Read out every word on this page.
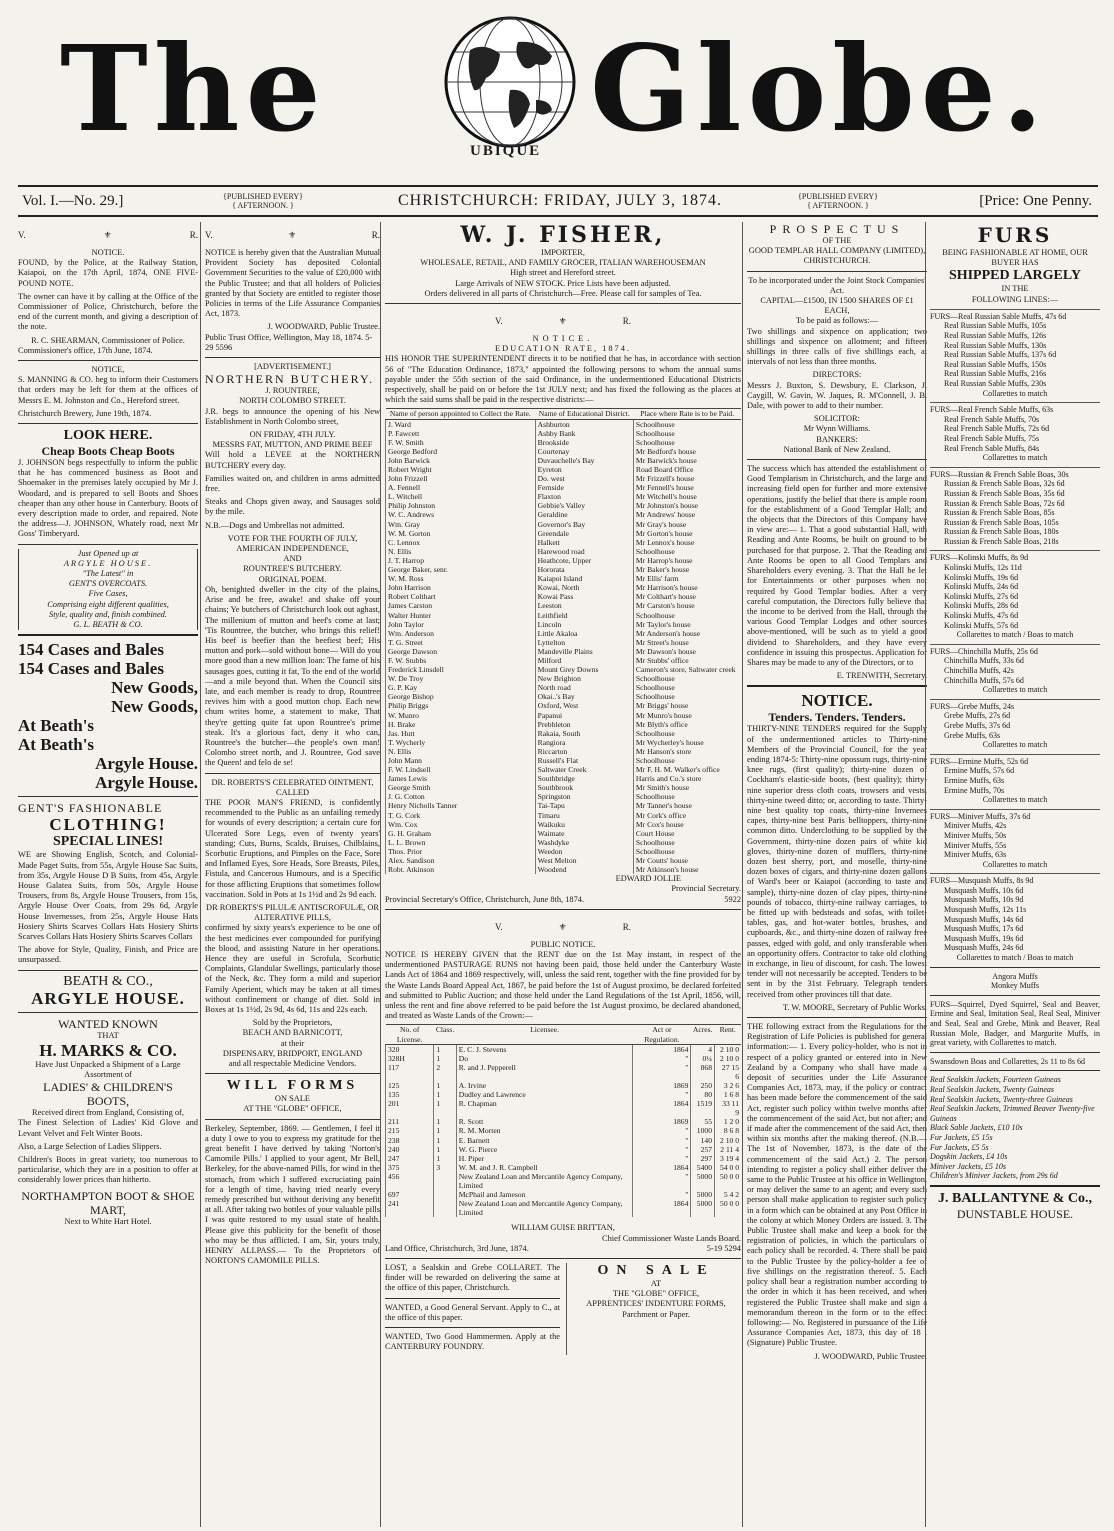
The	UBIQUE Globe.
Vol. I.—No. 29.]	{PUBLISHED EVERY} { AFTERNOON. }	CHRISTCHURCH: FRIDAY, JULY 3, 1874.	{PUBLISHED EVERY} { AFTERNOON. }	[Price: One Penny.
V.	⚜	R.
NOTICE.

FOUND, by the Police, at the Railway Station, Kaiapoi, on the 17th April, 1874, ONE FIVE-POUND NOTE.

The owner can have it by calling at the Office of the Commissioner of Police, Christchurch, before the end of the current month, and giving a description of the note.

R. C. SHEARMAN, Commissioner of Police.
Commissioner's office, 17th June, 1874.
NOTICE,

S. MANNING & CO. beg to inform their Customers that orders may be left for them at the offices of Messrs E. M. Johnston and Co., Hereford street.

Christchurch Brewery, June 19th, 1874.
LOOK HERE.
Cheap Boots Cheap Boots

J. JOHNSON begs respectfully to inform the public that he has commenced business as Boot and Shoemaker in the premises lately occupied by Mr J. Woodard, and is prepared to sell Boots and Shoes cheaper than any other house in Canterbury. Boots of every description made to order, and repaired. Note the address—J. JOHNSON, Whately road, next Mr Goss' Timberyard.

Just Opened up at
ARGYLE HOUSE.
"The Latest" in
GENT'S OVERCOATS.
Five Cases,
Comprising eight different qualities,
Style, quality and, finish combined.
G. L. BEATH & CO.
154 Cases and Bales
154 Cases and Bales
New Goods,
New Goods,
At Beath's
At Beath's
Argyle House.
Argyle House.
GENT'S FASHIONABLE
CLOTHING!
SPECIAL LINES!

WE are Showing English, Scotch, and Colonial-Made Paget Suits, from 55s, Argyle House Sac Suits, from 35s, Argyle House D B Suits, from 45s, Argyle House Galatea Suits, from 50s, Argyle House Trousers, from 8s, Argyle House Trousers, from 15s, Argyle House Over Coats, from 29s 6d, Argyle House Invernesses, from 25s, Argyle House Hats Hosiery Shirts Scarves Collars Hats Hosiery Shirts Scarves Collars Hats Hosiery Shirts Scarves Collars

The above for Style, Quality, Finish, and Price are unsurpassed.

BEATH & CO.,
ARGYLE HOUSE.
WANTED KNOWN
THAT
H. MARKS & CO.
Have Just Unpacked a Shipment of a Large Assortment of
LADIES' & CHILDREN'S
BOOTS,
Received direct from England, Consisting of,

The Finest Selection of Ladies' Kid Glove and Levant Velvet and Felt Winter Boots.

Also, a Large Selection of Ladies Slippers.

Children's Boots in great variety, too numerous to particularise, which they are in a position to offer at considerably lower prices than hitherto.

NORTHAMPTON BOOT & SHOE MART,
Next to White Hart Hotel.
V.	⚜	R.

NOTICE is hereby given that the Australian Mutual Provident Society has deposited Colonial Government Securities to the value of £20,000 with the Public Trustee; and that all holders of Policies granted by that Society are entitled to register those Policies in terms of the Life Assurance Companies Act, 1873.

J. WOODWARD, Public Trustee.
Public Trust Office, Wellington, May 18, 1874. 5-29 5596
[ADVERTISEMENT.]
NORTHERN BUTCHERY.
J. ROUNTREE,
NORTH COLOMBO STREET.

J.R. begs to announce the opening of his New Establishment in North Colombo street,

ON FRIDAY, 4TH JULY.
MESSRS FAT, MUTTON, AND PRIME BEEF

Will hold a LEVEE at the NORTHERN BUTCHERY every day.

Families waited on, and children in arms admitted free.

Steaks and Chops given away, and Sausages sold by the mile.

N.B.—Dogs and Umbrellas not admitted.

VOTE FOR THE FOURTH OF JULY, AMERICAN INDEPENDENCE,
AND
ROUNTREE'S BUTCHERY.
ORIGINAL POEM.

Oh, benighted dweller in the city of the plains, Arise and be free, awake! and shake off your chains; Ye butchers of Christchurch look out aghast, The millenium of mutton and beef's come at last; 'Tis Rountree, the butcher, who brings this relief! His beef is beefier than the beefiest beef; His mutton and pork—sold without bone— Will do you more good than a new million loan: The fame of his sausages goes, cutting it fat, To the end of the world—and a mile beyond that. When the Council sits late, and each member is ready to drop, Rountree revives him with a good mutton chop. Each new chum writes home, a statement to make, That they're getting quite fat upon Rountree's prime steak. It's a glorious fact, deny it who can, Rountree's the butcher—the people's own man! Colombo street north, and J. Rountree, God save the Queen! and felo de se!

DR. ROBERTS'S CELEBRATED OINTMENT,
CALLED

THE POOR MAN'S FRIEND, is confidently recommended to the Public as an unfailing remedy for wounds of every description; a certain cure for Ulcerated Sore Legs, even of twenty years' standing; Cuts, Burns, Scalds, Bruises, Chilblains, Scorbutic Eruptions, and Pimples on the Face, Sore and Inflamed Eyes, Sore Heads, Sore Breasts, Piles, Fistula, and Cancerous Humours, and is a Specific for those afflicting Eruptions that sometimes follow vaccination. Sold in Pots at 1s 1½d and 2s 9d each.

DR ROBERTS'S PILULÆ ANTISCROFULÆ, OR ALTERATIVE PILLS,

confirmed by sixty years's experience to be one of the best medicines ever compounded for purifying the blood, and assisting Nature in her operations. Hence they are useful in Scrofula, Scorbutic Complaints, Glandular Swellings, particularly those of the Neck, &c. They form a mild and superior Family Aperient, which may be taken at all times without confinement or change of diet. Sold in Boxes at 1s 1½d, 2s 9d, 4s 6d, 11s and 22s each.

Sold by the Proprietors,
BEACH AND BARNICOTT,
at their
DISPENSARY, BRIDPORT, ENGLAND
and all respectable Medicine Vendors.
WILL FORMS
ON SALE
AT THE "GLOBE" OFFICE,

Berkeley, September, 1869. — Gentlemen, I feel it a duty I owe to you to express my gratitude for the great benefit I have derived by taking 'Norton's Camomile Pills.' I applied to your agent, Mr Bell, Berkeley, for the above-named Pills, for wind in the stomach, from which I suffered excruciating pain for a length of time, having tried nearly every remedy prescribed but without deriving any benefit at all. After taking two bottles of your valuable pills I was quite restored to my usual state of health. Please give this publicity for the benefit of those who may be thus afflicted. I am, Sir, yours truly, HENRY ALLPASS.— To the Proprietors of NORTON'S CAMOMILE PILLS.

W. J. FISHER,
IMPORTER,
WHOLESALE, RETAIL, AND FAMILY GROCER, ITALIAN WAREHOUSEMAN
High street and Hereford street.
Large Arrivals of NEW STOCK. Price Lists have been adjusted.
Orders delivered in all parts of Christchurch—Free. Please call for samples of Tea.
V.	⚜	R.
NOTICE.
EDUCATION RATE, 1874.

HIS HONOR THE SUPERINTENDENT directs it to be notified that he has, in accordance with section 56 of "The Education Ordinance, 1873," appointed the following persons to whom the annual sums payable under the 55th section of the said Ordinance, in the undermentioned Educational Districts respectively, shall be paid on or before the 1st JULY next; and has fixed the following as the places at which the said sums shall be paid in the respective districts:—

Name of person appointed to Collect the Rate.	Name of Educational District.	Place where Rate is to be Paid.
J. Ward	Ashburton	Schoolhouse
P. Fawcett	Ashby Bank	Schoolhouse
F. W. Smith	Brookside	Schoolhouse
George Bedford	Courtenay	Mr Bedford's house
John Barwick	Duvauchelle's Bay	Mr Barwick's house
Robert Wright	Eyreton	Road Board Office
John Frizzell	Do. west	Mr Frizzell's house
A. Fennell	Fernside	Mr Fennell's house
L. Witchell	Flaxton	Mr Witchell's house
Philip Johnston	Gebbie's Valley	Mr Johnston's house
W. C. Andrews	Geraldine	Mr Andrews' house
Wm. Gray	Governor's Bay	Mr Gray's house
W. M. Gorton	Greendale	Mr Gorton's house
C. Lennox	Halkett	Mr Lennox's house
N. Ellis	Harewood road	Schoolhouse
J. T. Harrop	Heathcote, Upper	Mr Harrop's house
George Baker, senr.	Hororata	Mr Baker's house
W. M. Ross	Kaiapoi Island	Mr Ellis' farm
John Harrison	Kowai, North	Mr Harrison's house
Robert Colthart	Kowai Pass	Mr Colthart's house
James Carston	Leeston	Mr Carston's house
Walter Hunter	Leithfield	Schoolhouse
John Taylor	Lincoln	Mr Taylor's house
Wm. Anderson	Little Akaloa	Mr Anderson's house
T. G. Street	Lyttelton	Mr Street's house
George Dawson	Mandeville Plains	Mr Dawson's house
F. W. Stubbs	Milford	Mr Stubbs' office
Frederick Linsdell	Mount Grey Downs	Cameron's store, Saltwater creek
W. De Troy	New Brighton	Schoolhouse
G. P. Kay	North road	Schoolhouse
George Bishop	Okai..'s Bay	Schoolhouse
Philip Briggs	Oxford, West	Mr Briggs' house
W. Munro	Papanui	Mr Munro's house
H. Brake	Prebbleton	Mr Blyth's office
Jas. Hutt	Rakaia, South	Schoolhouse
T. Wycherly	Rangiora	Mr Wycherley's house
N. Ellis	Riccarton	Mr Hanson's store
John Mann	Russell's Flat	Schoolhouse
F. W. Lindsell	Saltwater Creek	Mr F. H. M. Walker's office
James Lewis	Southbridge	Harris and Co.'s store
George Smith	Southbrook	Mr Smith's house
J. G. Cotton	Springston	Schoolhouse
Henry Nicholls Tanner	Tai-Tapu	Mr Tanner's house
T. G. Cork	Timaru	Mr Cork's office
Wm. Cox	Waikuku	Mr Cox's house
G. H. Graham	Waimate	Court House
L. L. Brown	Washdyke	Schoolhouse
Thos. Prior	Weedon	Schoolhouse
Alex. Sandison	West Melton	Mr Coutts' house
Robt. Atkinson	Woodend	Mr Atkinson's house
EDWARD JOLLIE
Provincial Secretary.
Provincial Secretary's Office, Christchurch, June 8th, 1874.	5922
V.	⚜	R.
PUBLIC NOTICE.

NOTICE IS HEREBY GIVEN that the RENT due on the 1st May instant, in respect of the undermentioned PASTURAGE RUNS not having been paid, those held under the Canterbury Waste Lands Act of 1864 and 1869 respectively, will, unless the said rent, together with the fine provided for by the Waste Lands Board Appeal Act, 1867, be paid before the 1st of August proximo, be declared forfeited and submitted to Public Auction; and those held under the Land Regulations of the 1st April, 1856, will, unless the rent and fine above referred to be paid before the 1st August proximo, be declared abandoned, and treated as Waste Lands of the Crown:—

No. of License.	Class.	Licensee.	Act or Regulation.	Acres.	Rent.
320	1	E. C. J. Stevens	1864	4	2 10 0
328H	1	Do	"	0¼	2 10 0
117	2	R. and J. Pepperell	"	868	27 15 6
125	1	A. Irvine	1869	250	3 2 6
135	1	Dudley and Lawrence	"	80	1 6 8
201	1	R. Chapman	1864	1519	33 11 9
211	1	R. Scott	1869	55	1 2 0
215	1	R. M. Morten	"	1000	8 6 8
238	1	E. Barnett	"	140	2 10 0
240	1	W. G. Pierce	"	257	2 11 4
247	1	H. Piper	"	297	3 19 4
375	3	W. M. and J. R. Campbell	1864	5400	54 0 0
456		New Zealand Loan and Mercantile Agency Company, Limited	"	5000	50 0 0
697		McPhail and Jameson	"	5000	5 4 2
241		New Zealand Loan and Mercantile Agency Company, Limited	1864	5000	50 0 0
WILLIAM GUISE BRITTAN,
Chief Commissioner Waste Lands Board.
Land Office, Christchurch, 3rd June, 1874.	5-19 5294

LOST, a Sealskin and Grebe COLLARET. The finder will be rewarded on delivering the same at the office of this paper, Christchurch.

WANTED, a Good General Servant. Apply to C., at the office of this paper.

WANTED, Two Good Hammermen. Apply at the CANTERBURY FOUNDRY.

ON SALE
AT
THE "GLOBE" OFFICE,
APPRENTICES' INDENTURE FORMS,
Parchment or Paper.
PROSPECTUS
OF THE
GOOD TEMPLAR HALL COMPANY (LIMITED), CHRISTCHURCH.
To be incorporated under the Joint Stock Companies' Act.
CAPITAL—£1500, IN 1500 SHARES OF £1 EACH,
To be paid as follows:—

Two shillings and sixpence on application; two shillings and sixpence on allotment; and fifteen shillings in three calls of five shillings each, at intervals of not less than three months.

DIRECTORS:

Messrs J. Buxton, S. Dewsbury, E. Clarkson, J. Caygill, W. Gavin, W. Jaques, R. M'Connell, J. B. Dale, with power to add to their number.

SOLICITOR:
Mr Wynn Williams.
BANKERS:
National Bank of New Zealand.

The success which has attended the establishment of Good Templarism in Christchurch, and the large and increasing field open for further and more extensive operations, justify the belief that there is ample room for the establishment of a Good Templar Hall; and the objects that the Directors of this Company have in view are:— 1. That a good substantial Hall, with Reading and Ante Rooms, be built on ground to be purchased for that purpose. 2. That the Reading and Ante Rooms be open to all Good Templars and Shareholders every evening. 3. That the Hall be let for Entertainments or other purposes when not required by Good Templar bodies. After a very careful computation, the Directors fully believe that the income to be derived from the Hall, through the various Good Templar Lodges and other sources above-mentioned, will be such as to yield a good dividend to Shareholders, and they have every confidence in issuing this prospectus. Application for Shares may be made to any of the Directors, or to

E. TRENWITH, Secretary.
NOTICE.
Tenders. Tenders. Tenders.

THIRTY-NINE TENDERS required for the Supply of the undermentioned articles to Thirty-nine Members of the Provincial Council, for the year ending 1874-5: Thirty-nine opossum rugs, thirty-nine knee rugs, (first quality); thirty-nine dozen of Cockham's elastic-side boots, (best quality); thirty-nine superior dress cloth coats, trowsers and vests, thirty-nine tweed ditto; or, according to taste. Thirty-nine best quality top coats, thirty-nine Invernees capes, thirty-nine best Paris belltoppers, thirty-nine common ditto. Underclothing to be supplied by the Government, thirty-nine dozen pairs of white kid gloves, thirty-nine dozen of mufflers, thirty-nine dozen best sherry, port, and moselle, thirty-nine dozen boxes of cigars, and thirty-nine dozen gallons of Ward's beer or Kaiapoi (according to taste and sample), thirty-nine dozen of clay pipes, thirty-nine pounds of tobacco, thirty-nine railway carriages, to be fitted up with bedsteads and sofas, with toilet-tables, gas, and hot-water bottles, brushes, and cupboards, &c., and thirty-nine dozen of railway free passes, edged with gold, and only transferable when an opportunity offers. Contractor to take old clothing in exchange, in lieu of discount, for cash. The lowest tender will not necessarily be accepted. Tenders to be sent in by the 31st February. Telegraph tenders received from other provinces till that date.

T. W. MOORE, Secretary of Public Works.

THE following extract from the Regulations for the Registration of Life Policies is published for general information:— 1. Every policy-holder, who is not in respect of a policy granted or entered into in New Zealand by a Company who shall have made a deposit of securities under the Life Assurance Companies Act, 1873, may, if the policy or contract has been made before the commencement of the said Act, register such policy within twelve months after the commencement of the said Act, but not after; and if made after the commencement of the said Act, then within six months after the making thereof. (N.B.—The 1st of November, 1873, is the date of the commencement of the said Act.) 2. The person intending to register a policy shall either deliver the same to the Public Trustee at his office in Wellington, or may deliver the same to an agent; and every such person shall make application to register such policy in a form which can be obtained at any Post Office in the colony at which Money Orders are issued. 3. The Public Trustee shall make and keep a book for the registration of policies, in which the particulars of each policy shall be recorded. 4. There shall be paid to the Public Trustee by the policy-holder a fee of five shillings on the registration thereof. 5. Each policy shall bear a registration number according to the order in which it has been received, and when registered the Public Trustee shall make and sign a memorandum thereon in the form or to the effect following:— No. Registered in pursuance of the Life Assurance Companies Act, 1873, this day of 18 . (Signature) Public Trustee.

J. WOODWARD, Public Trustee.
FURS
BEING FASHIONABLE AT HOME, OUR BUYER HAS
SHIPPED LARGELY
IN THE
FOLLOWING LINES:—
FURS—Real Russian Sable Muffs, 47s 6d
Real Russian Sable Muffs, 105s
Real Russian Sable Muffs, 126s
Real Russian Sable Muffs, 130s
Real Russian Sable Muffs, 137s 6d
Real Russian Sable Muffs, 150s
Real Russian Sable Muffs, 216s
Real Russian Sable Muffs, 230s
Collarettes to match
FURS—Real French Sable Muffs, 63s
Real French Sable Muffs, 70s
Real French Sable Muffs, 72s 6d
Real French Sable Muffs, 75s
Real French Sable Muffs, 84s
Collarettes to match
FURS—Russian & French Sable Boas, 30s
Russian & French Sable Boas, 32s 6d
Russian & French Sable Boas, 35s 6d
Russian & French Sable Boas, 72s 6d
Russian & French Sable Boas, 85s
Russian & French Sable Boas, 105s
Russian & French Sable Boas, 180s
Russian & French Sable Boas, 218s
FURS—Kolinski Muffs, 8s 9d
Kolinski Muffs, 12s 11d
Kolinski Muffs, 19s 6d
Kolinski Muffs, 24s 6d
Kolinski Muffs, 27s 6d
Kolinski Muffs, 28s 6d
Kolinski Muffs, 47s 6d
Kolinski Muffs, 57s 6d
Collarettes to match / Boas to match
FURS—Chinchilla Muffs, 25s 6d
Chinchilla Muffs, 33s 6d
Chinchilla Muffs, 42s
Chinchilla Muffs, 57s 6d
Collarettes to match
FURS—Grebe Muffs, 24s
Grebe Muffs, 27s 6d
Grebe Muffs, 37s 6d
Grebe Muffs, 63s
Collarettes to match
FURS—Ermine Muffs, 52s 6d
Ermine Muffs, 57s 6d
Ermine Muffs, 63s
Ermine Muffs, 70s
Collarettes to match
FURS—Miniver Muffs, 37s 6d
Miniver Muffs, 42s
Miniver Muffs, 50s
Miniver Muffs, 55s
Miniver Muffs, 63s
Collarettes to match
FURS—Musquash Muffs, 8s 9d
Musquash Muffs, 10s 6d
Musquash Muffs, 10s 9d
Musquash Muffs, 12s 11s
Musquash Muffs, 14s 6d
Musquash Muffs, 17s 6d
Musquash Muffs, 19s 6d
Musquash Muffs, 24s 6d
Collarettes to match / Boas to match
Angora Muffs
Monkey Muffs

FURS—Squirrel, Dyed Squirrel, Seal and Beaver, Ermine and Seal, Imitation Seal, Real Seal, Miniver and Seal, Seal and Grebe, Mink and Beaver, Real Russian Mole, Badger, and Margurite Muffs, in great variety, with Collarettes to match.

Swansdown Boas and Collarettes, 2s 11 to 8s 6d

Real Sealskin Jackets, Fourteen Guineas
Real Sealskin Jackets, Twenty Guineas
Real Sealskin Jackets, Twenty-three Guineas
Real Sealskin Jackets, Trimmed Beaver Twenty-five Guineas
Black Sable Jackets, £10 10s
Fur Jackets, £5 15s
Fur Jackets, £5 5s
Dogskin Jackets, £4 10s
Miniver Jackets, £5 10s
Children's Miniver Jackets, from 29s 6d
J. BALLANTYNE & Co.,
DUNSTABLE HOUSE.
